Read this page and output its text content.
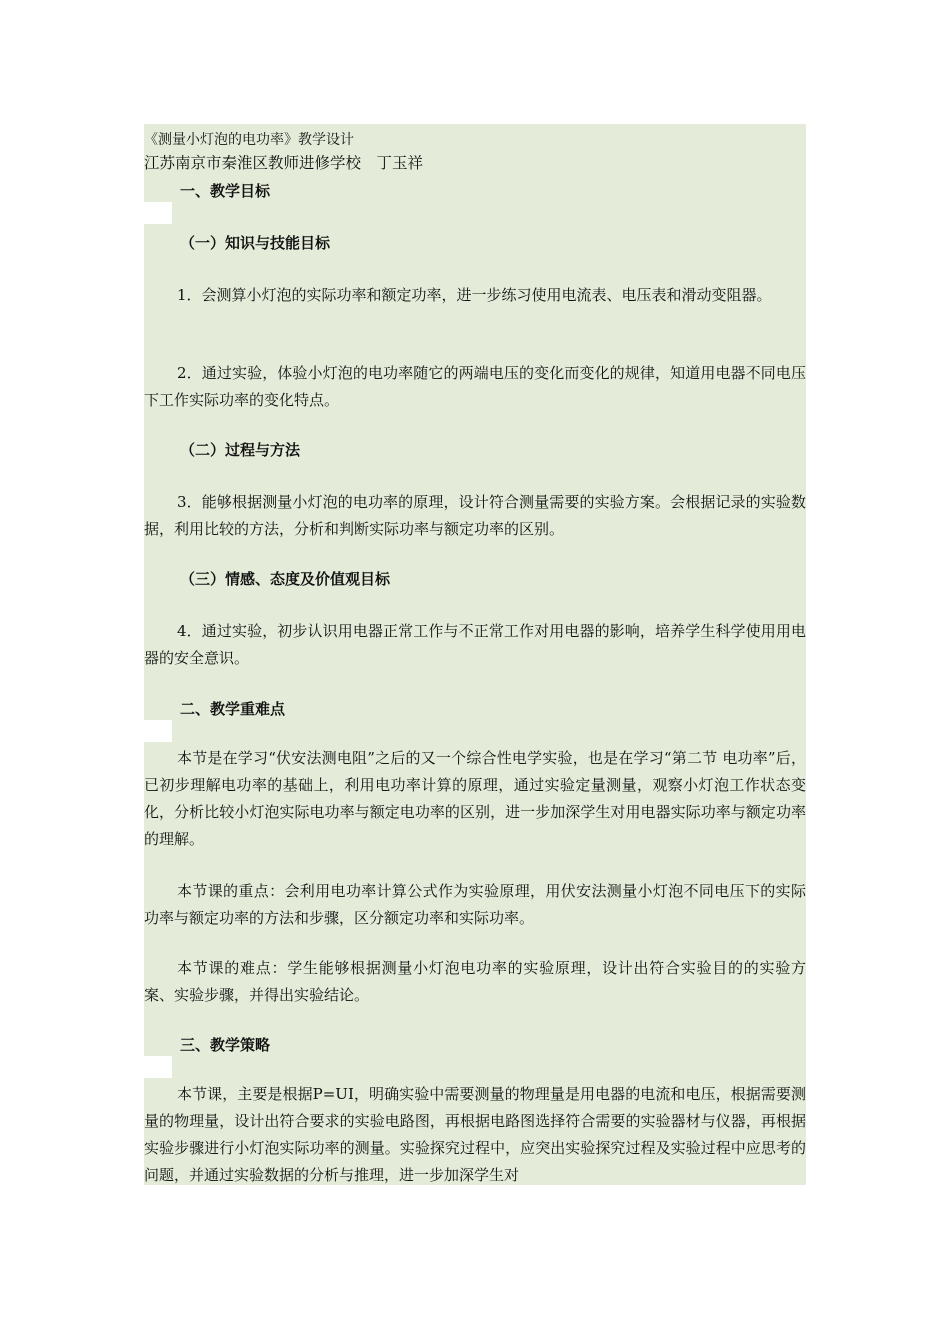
《测量小灯泡的电功率》教学设计
江苏南京市秦淮区教师进修学校　丁玉祥
一、教学目标
（一）知识与技能目标

1．会测算小灯泡的实际功率和额定功率，进一步练习使用电流表、电压表和滑动变阻器。

2．通过实验，体验小灯泡的电功率随它的两端电压的变化而变化的规律，知道用电器不同电压下工作实际功率的变化特点。

（二）过程与方法

3．能够根据测量小灯泡的电功率的原理，设计符合测量需要的实验方案。会根据记录的实验数据，利用比较的方法，分析和判断实际功率与额定功率的区别。

（三）情感、态度及价值观目标

4．通过实验，初步认识用电器正常工作与不正常工作对用电器的影响，培养学生科学使用用电器的安全意识。

二、教学重难点

本节是在学习“伏安法测电阻”之后的又一个综合性电学实验，也是在学习“第二节 电功率”后，已初步理解电功率的基础上，利用电功率计算的原理，通过实验定量测量，观察小灯泡工作状态变化，分析比较小灯泡实际电功率与额定电功率的区别，进一步加深学生对用电器实际功率与额定功率的理解。

本节课的重点：会利用电功率计算公式作为实验原理，用伏安法测量小灯泡不同电压下的实际功率与额定功率的方法和步骤，区分额定功率和实际功率。

本节课的难点：学生能够根据测量小灯泡电功率的实验原理，设计出符合实验目的的实验方案、实验步骤，并得出实验结论。

三、教学策略

本节课，主要是根据P=UI，明确实验中需要测量的物理量是用电器的电流和电压，根据需要测量的物理量，设计出符合要求的实验电路图，再根据电路图选择符合需要的实验器材与仪器，再根据实验步骤进行小灯泡实际功率的测量。实验探究过程中，应突出实验探究过程及实验过程中应思考的问题，并通过实验数据的分析与推理，进一步加深学生对
